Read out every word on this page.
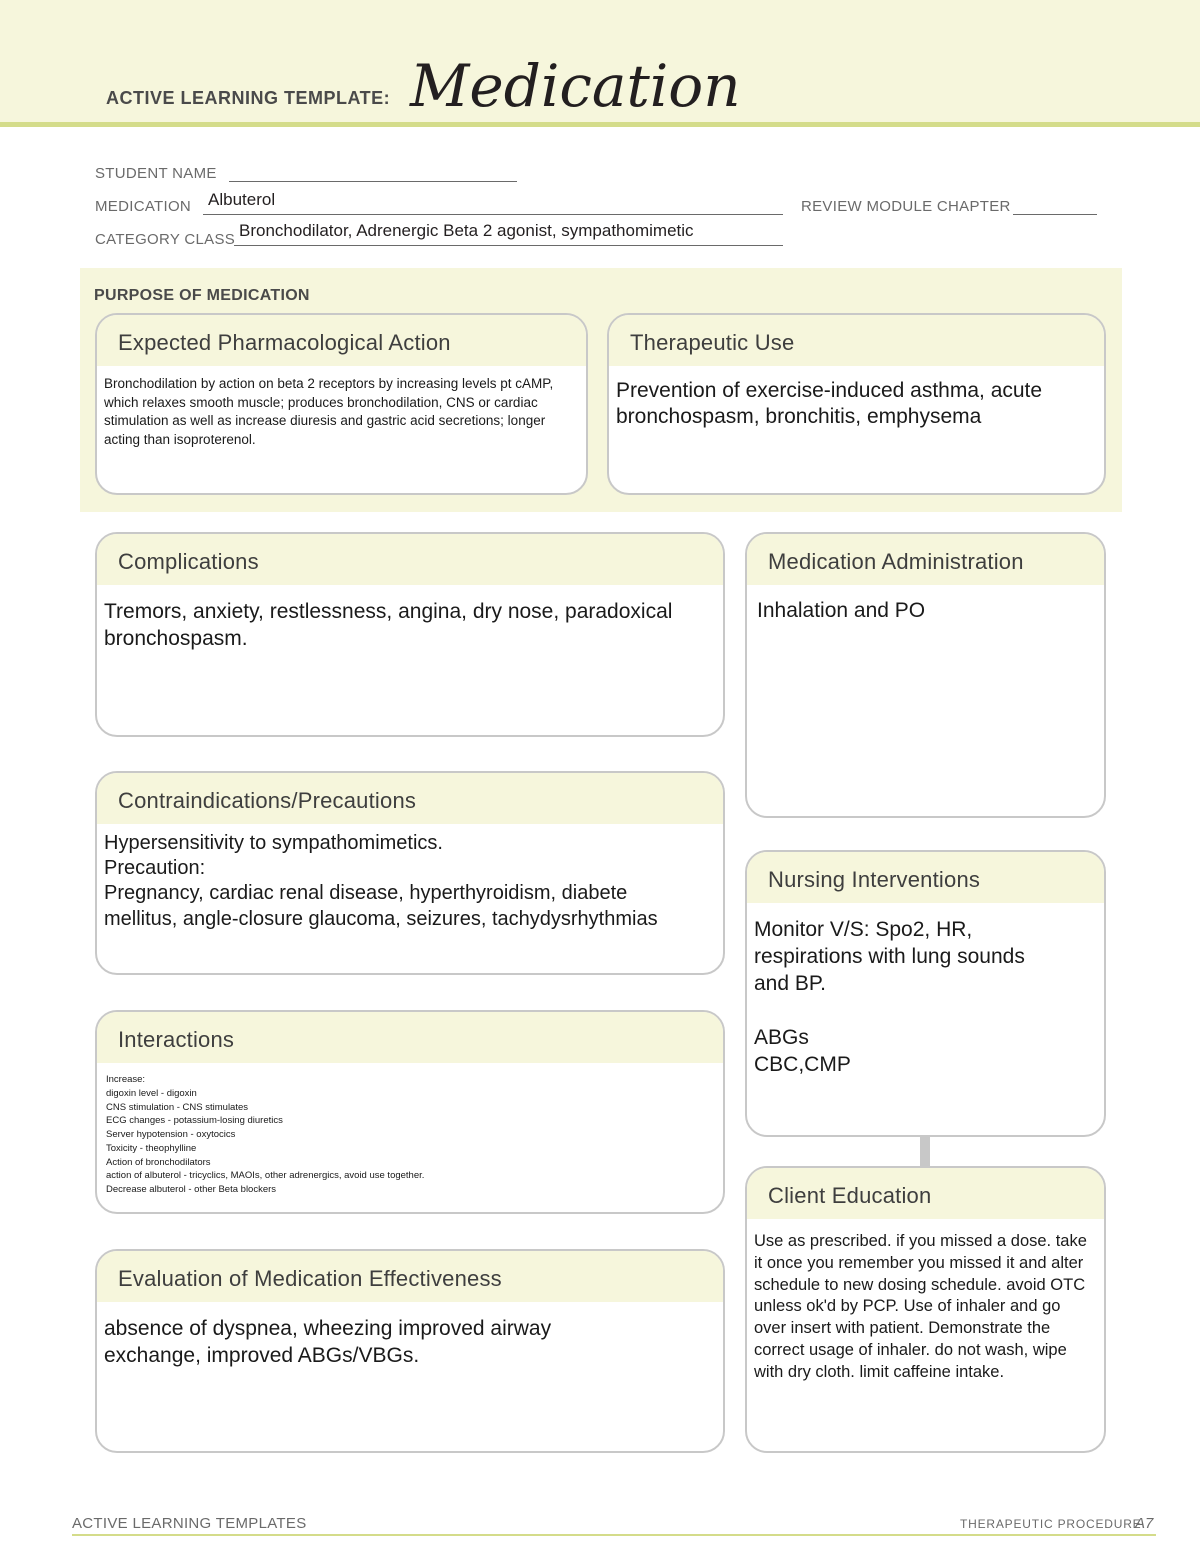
ACTIVE LEARNING TEMPLATE: Medication
STUDENT NAME
MEDICATION Albuterol	REVIEW MODULE CHAPTER
CATEGORY CLASS Bronchodilator, Adrenergic Beta 2 agonist, sympathomimetic
PURPOSE OF MEDICATION
Expected Pharmacological Action
Bronchodilation by action on beta 2 receptors by increasing levels pt cAMP, which relaxes smooth muscle; produces bronchodilation, CNS or cardiac stimulation as well as increase diuresis and gastric acid secretions; longer acting than isoproterenol.
Therapeutic Use
Prevention of exercise-induced asthma, acute bronchospasm, bronchitis, emphysema
Complications
Tremors, anxiety, restlessness, angina, dry nose, paradoxical bronchospasm.
Medication Administration
Inhalation and PO
Contraindications/Precautions
Hypersensitivity to sympathomimetics.
Precaution:
Pregnancy, cardiac renal disease, hyperthyroidism, diabete
mellitus, angle-closure glaucoma, seizures, tachydysrhythmias
Nursing Interventions
Monitor V/S: Spo2, HR,
respirations with lung sounds
and BP.
ABGs
CBC,CMP
Interactions
Increase:
digoxin level - digoxin
CNS stimulation - CNS stimulates
ECG changes - potassium-losing diuretics
Server hypotension - oxytocics
Toxicity - theophylline
Action of bronchodilators
action of albuterol - tricyclics, MAOIs, other adrenergics, avoid use together.
Decrease albuterol - other Beta blockers	Client Education
Use as prescribed. if you missed a dose. take it once you remember you missed it and alter schedule to new dosing schedule. avoid OTC unless ok'd by PCP. Use of inhaler and go over insert with patient. Demonstrate the correct usage of inhaler. do not wash, wipe with dry cloth. limit caffeine intake.
Evaluation of Medication Effectiveness
absence of dyspnea, wheezing improved airway exchange, improved ABGs/VBGs.
ACTIVE LEARNING TEMPLATES	THERAPEUTIC PROCEDURE
A7
